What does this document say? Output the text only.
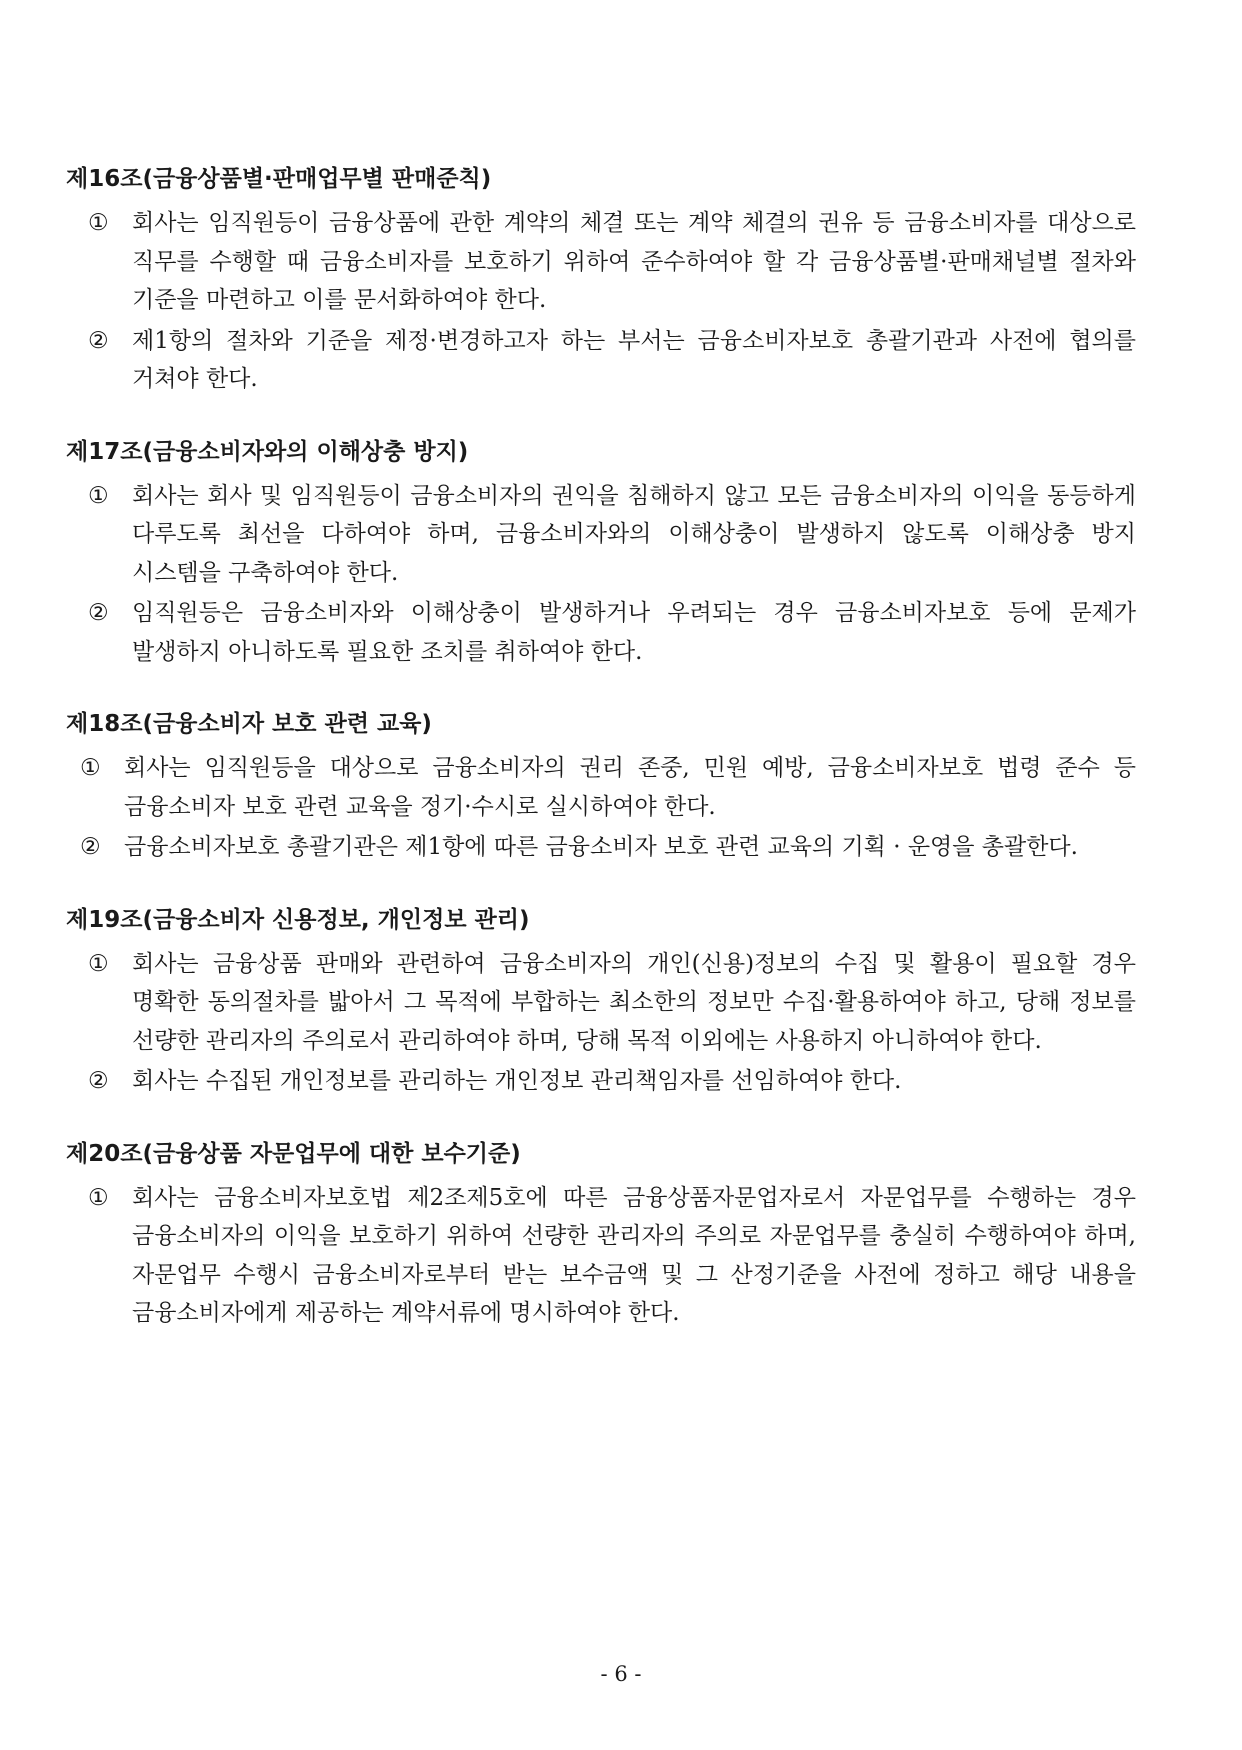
제16조(금융상품별·판매업무별 판매준칙)
①	회사는 임직원등이 금융상품에 관한 계약의 체결 또는 계약 체결의 권유 등 금융소비자를 대상으로 직무를 수행할 때 금융소비자를 보호하기 위하여 준수하여야 할 각 금융상품별·판매채널별 절차와 기준을 마련하고 이를 문서화하여야 한다.
②	제1항의 절차와 기준을 제정·변경하고자 하는 부서는 금융소비자보호 총괄기관과 사전에 협의를 거쳐야 한다.
제17조(금융소비자와의 이해상충 방지)
①	회사는 회사 및 임직원등이 금융소비자의 권익을 침해하지 않고 모든 금융소비자의 이익을 동등하게 다루도록 최선을 다하여야 하며, 금융소비자와의 이해상충이 발생하지 않도록 이해상충 방지 시스템을 구축하여야 한다.
②	임직원등은 금융소비자와 이해상충이 발생하거나 우려되는 경우 금융소비자보호 등에 문제가 발생하지 아니하도록 필요한 조치를 취하여야 한다.
제18조(금융소비자 보호 관련 교육)
①	회사는 임직원등을 대상으로 금융소비자의 권리 존중, 민원 예방, 금융소비자보호 법령 준수 등 금융소비자 보호 관련 교육을 정기·수시로 실시하여야 한다.
②	금융소비자보호 총괄기관은 제1항에 따른 금융소비자 보호 관련 교육의 기획 · 운영을 총괄한다.
제19조(금융소비자 신용정보, 개인정보 관리)
①	회사는 금융상품 판매와 관련하여 금융소비자의 개인(신용)정보의 수집 및 활용이 필요할 경우 명확한 동의절차를 밟아서 그 목적에 부합하는 최소한의 정보만 수집·활용하여야 하고, 당해 정보를 선량한 관리자의 주의로서 관리하여야 하며, 당해 목적 이외에는 사용하지 아니하여야 한다.
②	회사는 수집된 개인정보를 관리하는 개인정보 관리책임자를 선임하여야 한다.
제20조(금융상품 자문업무에 대한 보수기준)
①	회사는 금융소비자보호법 제2조제5호에 따른 금융상품자문업자로서 자문업무를 수행하는 경우 금융소비자의 이익을 보호하기 위하여 선량한 관리자의 주의로 자문업무를 충실히 수행하여야 하며, 자문업무 수행시 금융소비자로부터 받는 보수금액 및 그 산정기준을 사전에 정하고 해당 내용을 금융소비자에게 제공하는 계약서류에 명시하여야 한다.
- 6 -
